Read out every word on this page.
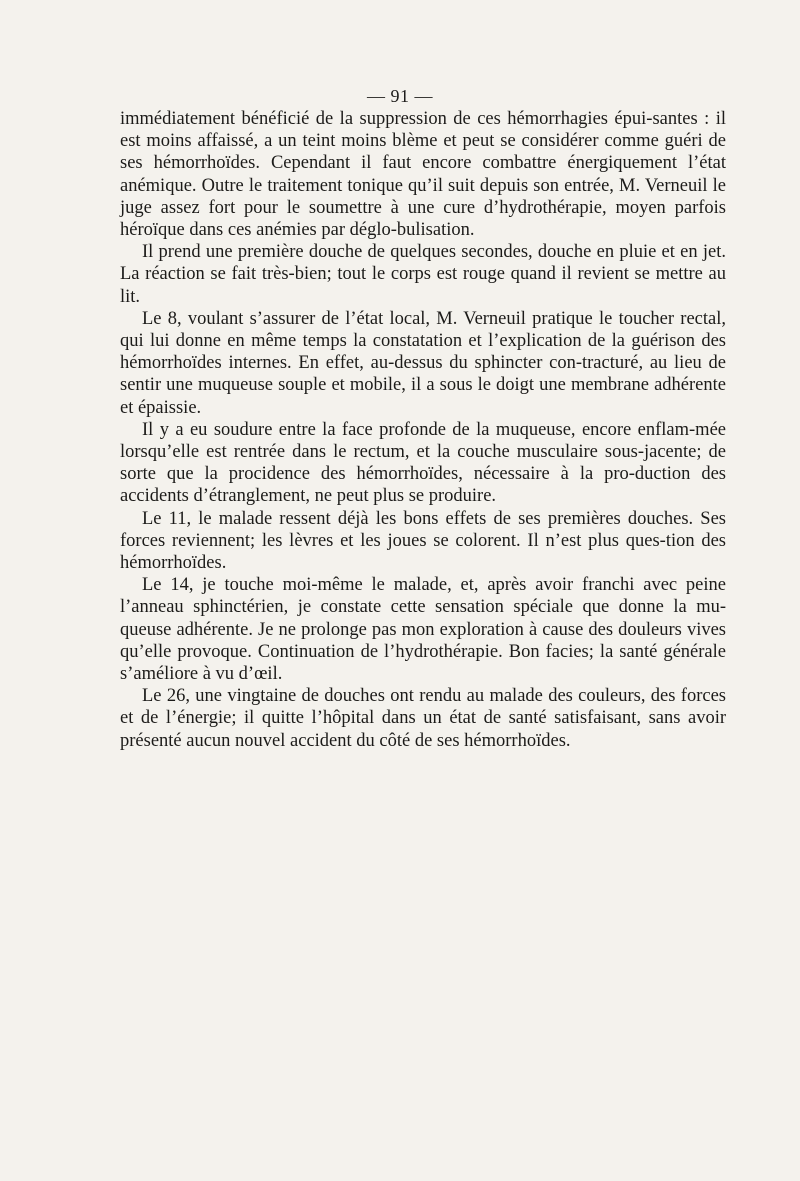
— 91 —

immédiatement bénéficié de la suppression de ces hémorrhagies épui-santes : il est moins affaissé, a un teint moins blème et peut se considérer comme guéri de ses hémorrhoïdes. Cependant il faut encore combattre énergiquement l’état anémique. Outre le traitement tonique qu’il suit depuis son entrée, M. Verneuil le juge assez fort pour le soumettre à une cure d’hydrothérapie, moyen parfois héroïque dans ces anémies par déglo-bulisation.

Il prend une première douche de quelques secondes, douche en pluie et en jet. La réaction se fait très-bien; tout le corps est rouge quand il revient se mettre au lit.

Le 8, voulant s’assurer de l’état local, M. Verneuil pratique le toucher rectal, qui lui donne en même temps la constatation et l’explication de la guérison des hémorrhoïdes internes. En effet, au-dessus du sphincter con-tracturé, au lieu de sentir une muqueuse souple et mobile, il a sous le doigt une membrane adhérente et épaissie.

Il y a eu soudure entre la face profonde de la muqueuse, encore enflam-mée lorsqu’elle est rentrée dans le rectum, et la couche musculaire sous-jacente; de sorte que la procidence des hémorrhoïdes, nécessaire à la pro-duction des accidents d’étranglement, ne peut plus se produire.

Le 11, le malade ressent déjà les bons effets de ses premières douches. Ses forces reviennent; les lèvres et les joues se colorent. Il n’est plus ques-tion des hémorrhoïdes.

Le 14, je touche moi-même le malade, et, après avoir franchi avec peine l’anneau sphinctérien, je constate cette sensation spéciale que donne la mu-queuse adhérente. Je ne prolonge pas mon exploration à cause des douleurs vives qu’elle provoque. Continuation de l’hydrothérapie. Bon facies; la santé générale s’améliore à vu d’œil.

Le 26, une vingtaine de douches ont rendu au malade des couleurs, des forces et de l’énergie; il quitte l’hôpital dans un état de santé satisfaisant, sans avoir présenté aucun nouvel accident du côté de ses hémorrhoïdes.
